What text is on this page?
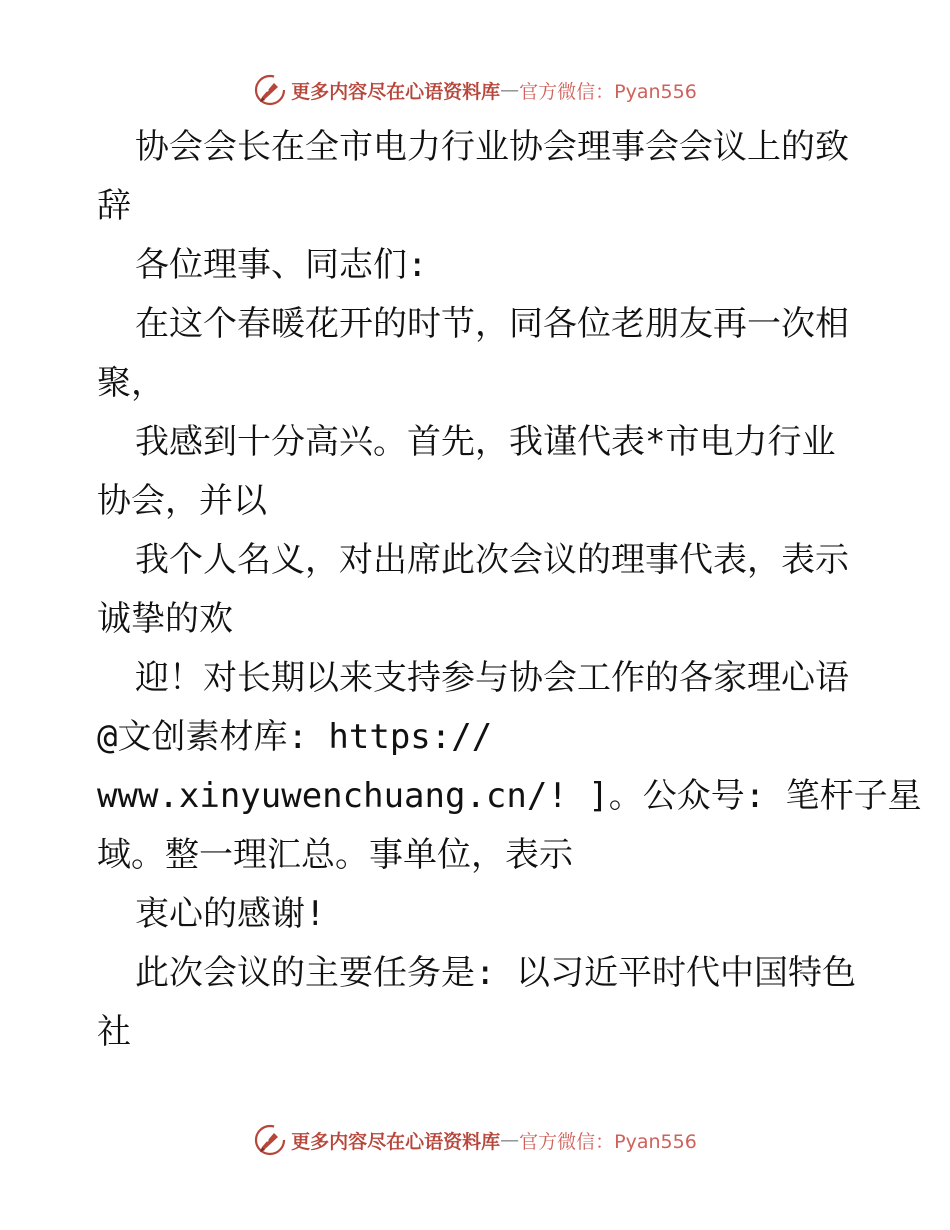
更多内容尽在心语资料库 — 官方微信：Pyan556
协会会长在全市电力行业协会理事会会议上的致
辞
各位理事、同志们:
在这个春暖花开的时节，同各位老朋友再一次相
聚，
我感到十分高兴。首先，我谨代表*市电力行业
协会，并以
我个人名义，对出席此次会议的理事代表，表示
诚挚的欢
迎！对长期以来支持参与协会工作的各家理心语
@文创素材库: https://
www.xinyuwenchuang.cn/! ]。公众号: 笔杆子星
域。整一理汇总。事单位，表示
衷心的感谢!
此次会议的主要任务是: 以习近平时代中国特色
社
更多内容尽在心语资料库 — 官方微信：Pyan556
